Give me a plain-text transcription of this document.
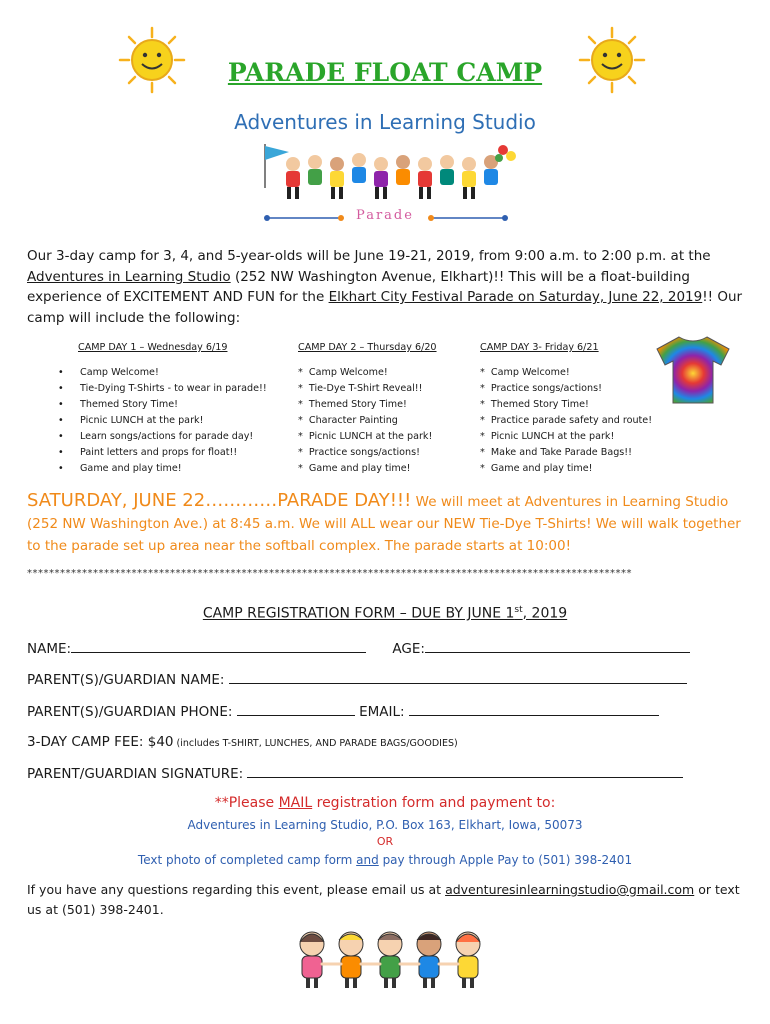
PARADE FLOAT CAMP
Adventures in Learning Studio
Parade
Our 3-day camp for 3, 4, and 5-year-olds will be June 19-21, 2019, from 9:00 a.m. to 2:00 p.m. at the Adventures in Learning Studio (252 NW Washington Avenue, Elkhart)!! This will be a float-building experience of EXCITEMENT AND FUN for the Elkhart City Festival Parade on Saturday, June 22, 2019!! Our camp will include the following:
CAMP DAY 1 – Wednesday 6/19
• Camp Welcome!
• Tie-Dying T-Shirts - to wear in parade!!
• Themed Story Time!
• Picnic LUNCH at the park!
• Learn songs/actions for parade day!
• Paint letters and props for float!!
• Game and play time!
CAMP DAY 2 – Thursday 6/20
* Camp Welcome!
* Tie-Dye T-Shirt Reveal!!
* Themed Story Time!
* Character Painting
* Picnic LUNCH at the park!
* Practice songs/actions!
* Game and play time!
CAMP DAY 3- Friday 6/21
* Camp Welcome!
* Practice songs/actions!
* Themed Story Time!
* Practice parade safety and route!
* Picnic LUNCH at the park!
* Make and Take Parade Bags!!
* Game and play time!
SATURDAY, JUNE 22…………PARADE DAY!!! We will meet at Adventures in Learning Studio (252 NW Washington Ave.) at 8:45 a.m. We will ALL wear our NEW Tie-Dye T-Shirts! We will walk together to the parade set up area near the softball complex. The parade starts at 10:00!
**************************************************************************************************************
CAMP REGISTRATION FORM – DUE BY JUNE 1st, 2019
NAME:	AGE:
PARENT(S)/GUARDIAN NAME:
PARENT(S)/GUARDIAN PHONE:	EMAIL:
3-DAY CAMP FEE: $40 (includes T-SHIRT, LUNCHES, AND PARADE BAGS/GOODIES)
PARENT/GUARDIAN SIGNATURE:
**Please MAIL registration form and payment to:
Adventures in Learning Studio, P.O. Box 163, Elkhart, Iowa, 50073
OR
Text photo of completed camp form and pay through Apple Pay to (501) 398-2401
If you have any questions regarding this event, please email us at adventuresinlearningstudio@gmail.com or text us at (501) 398-2401.
